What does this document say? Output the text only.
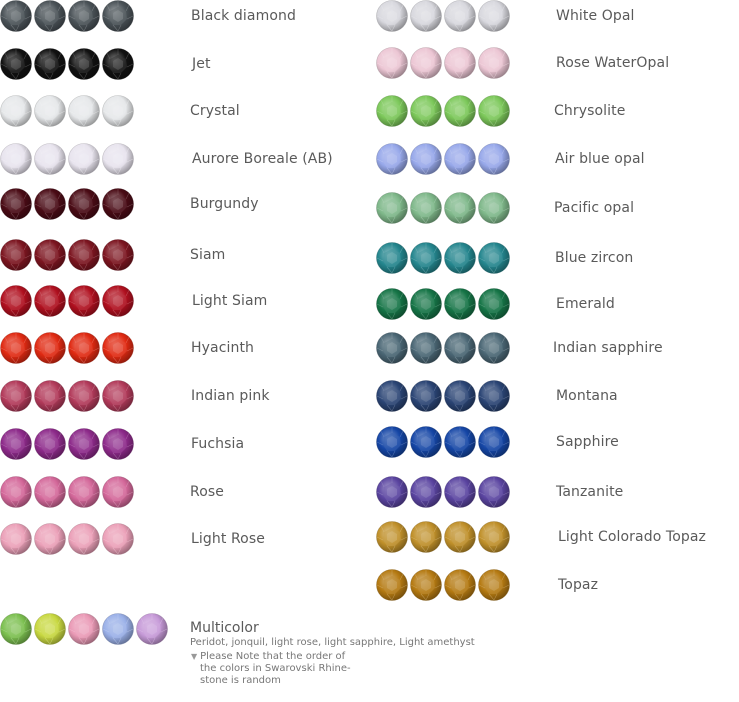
Black diamond
Jet
Crystal
Aurore Boreale (AB)
Burgundy
Siam
Light Siam
Hyacinth
Indian pink
Fuchsia
Rose
Light Rose
White Opal
Rose WaterOpal
Chrysolite
Air blue opal
Pacific opal
Blue zircon
Emerald
Indian sapphire
Montana
Sapphire
Tanzanite
Light Colorado Topaz
Topaz
Multicolor
Peridot, jonquil, light rose, light sapphire, Light amethyst
▼ Please Note that the order of
the colors in Swarovski Rhine-
stone is random
